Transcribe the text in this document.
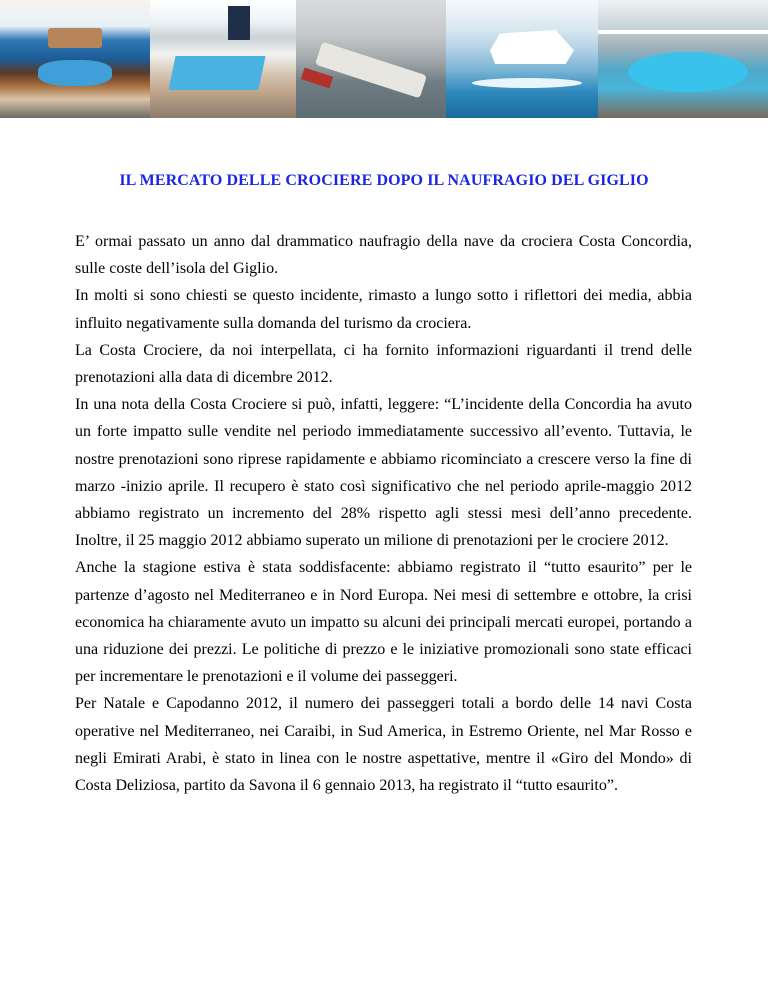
IL MERCATO DELLE CROCIERE DOPO IL NAUFRAGIO DEL GIGLIO

E’ ormai passato un anno dal drammatico naufragio della nave da crociera Costa Concordia, sulle coste dell’isola del Giglio.

In molti si sono chiesti se questo incidente, rimasto a lungo sotto i riflettori dei media, abbia influito negativamente sulla domanda del turismo da crociera.

La Costa Crociere, da noi interpellata, ci ha fornito informazioni riguardanti il trend delle prenotazioni alla data di dicembre 2012.

In una nota della Costa Crociere si può, infatti, leggere: “L’incidente della Concordia ha avuto un forte impatto sulle vendite nel periodo immediatamente successivo all’evento. Tuttavia, le nostre prenotazioni sono riprese rapidamente e abbiamo ricominciato a crescere verso la fine di marzo -inizio aprile. Il recupero è stato così significativo che nel periodo aprile-maggio 2012 abbiamo registrato un incremento del 28% rispetto agli stessi mesi dell’anno precedente. Inoltre, il 25 maggio 2012 abbiamo superato un milione di prenotazioni per le crociere 2012.

Anche la stagione estiva è stata soddisfacente: abbiamo registrato il “tutto esaurito” per le partenze d’agosto nel Mediterraneo e in Nord Europa. Nei mesi di settembre e ottobre, la crisi economica ha chiaramente avuto un impatto su alcuni dei principali mercati europei, portando a una riduzione dei prezzi. Le politiche di prezzo e le iniziative promozionali sono state efficaci per incrementare le prenotazioni e il volume dei passeggeri.

Per Natale e Capodanno 2012, il numero dei passeggeri totali a bordo delle 14 navi Costa operative nel Mediterraneo, nei Caraibi, in Sud America, in Estremo Oriente, nel Mar Rosso e negli Emirati Arabi, è stato in linea con le nostre aspettative, mentre il «Giro del Mondo» di Costa Deliziosa, partito da Savona il 6 gennaio 2013, ha registrato il “tutto esaurito”.
